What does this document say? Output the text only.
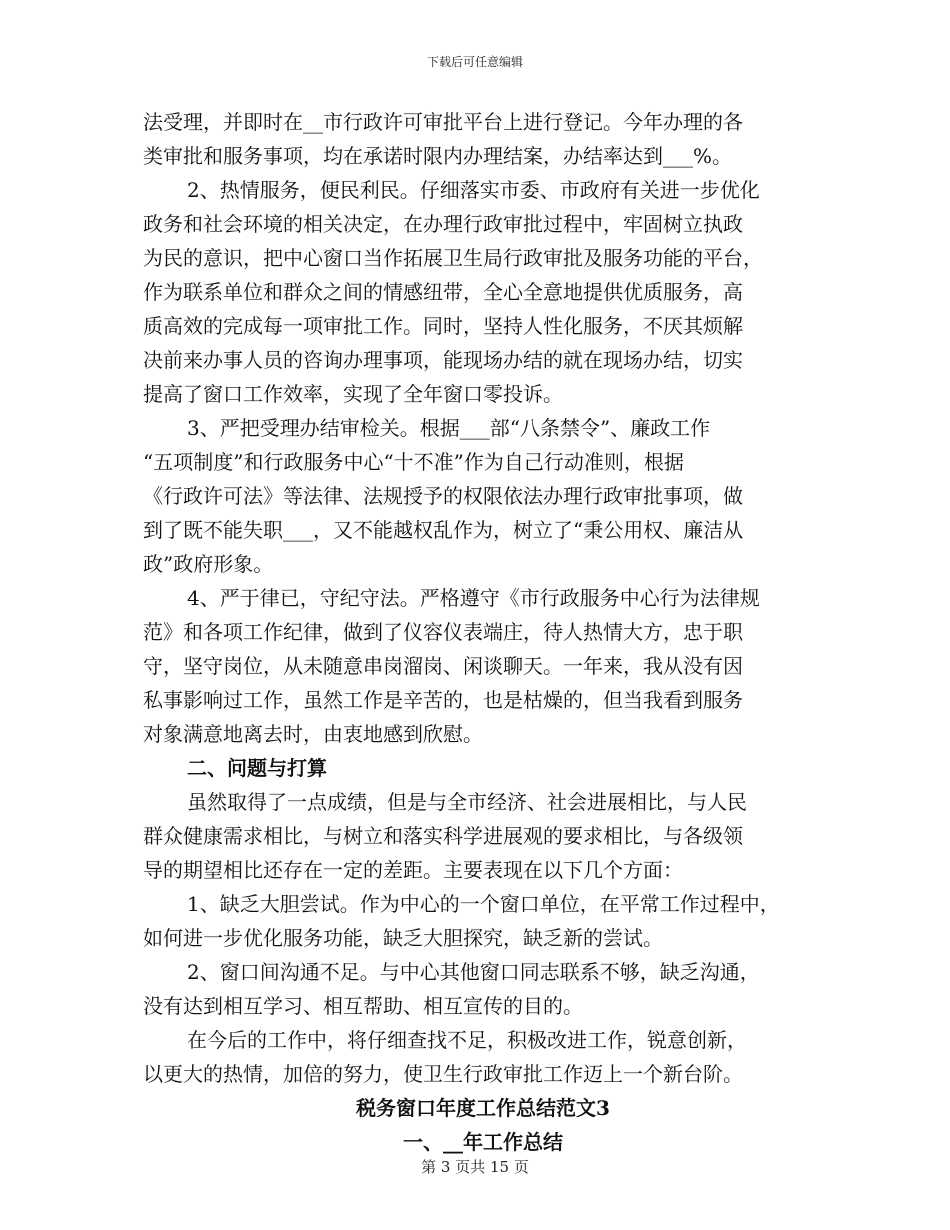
下载后可任意编辑
法受理，并即时在__市行政许可审批平台上进行登记。今年办理的各
类审批和服务事项，均在承诺时限内办理结案，办结率达到___%。
2、热情服务，便民利民。仔细落实市委、市政府有关进一步优化
政务和社会环境的相关决定，在办理行政审批过程中，牢固树立执政
为民的意识，把中心窗口当作拓展卫生局行政审批及服务功能的平台，
作为联系单位和群众之间的情感纽带，全心全意地提供优质服务，高
质高效的完成每一项审批工作。同时，坚持人性化服务，不厌其烦解
决前来办事人员的咨询办理事项，能现场办结的就在现场办结，切实
提高了窗口工作效率，实现了全年窗口零投诉。
3、严把受理办结审检关。根据___部“八条禁令”、廉政工作
“五项制度”和行政服务中心“十不准”作为自己行动准则，根据
《行政许可法》等法律、法规授予的权限依法办理行政审批事项，做
到了既不能失职___，又不能越权乱作为，树立了“秉公用权、廉洁从
政”政府形象。
4、严于律已，守纪守法。严格遵守《市行政服务中心行为法律规
范》和各项工作纪律，做到了仪容仪表端庄，待人热情大方，忠于职
守，坚守岗位，从未随意串岗溜岗、闲谈聊天。一年来，我从没有因
私事影响过工作，虽然工作是辛苦的，也是枯燥的，但当我看到服务
对象满意地离去时，由衷地感到欣慰。
二、问题与打算
虽然取得了一点成绩，但是与全市经济、社会进展相比，与人民
群众健康需求相比，与树立和落实科学进展观的要求相比，与各级领
导的期望相比还存在一定的差距。主要表现在以下几个方面：
1、缺乏大胆尝试。作为中心的一个窗口单位，在平常工作过程中，
如何进一步优化服务功能，缺乏大胆探究，缺乏新的尝试。
2、窗口间沟通不足。与中心其他窗口同志联系不够，缺乏沟通，
没有达到相互学习、相互帮助、相互宣传的目的。
在今后的工作中，将仔细查找不足，积极改进工作，锐意创新，
以更大的热情，加倍的努力，使卫生行政审批工作迈上一个新台阶。
税务窗口年度工作总结范文3
一、__年工作总结
第 3 页共 15 页
